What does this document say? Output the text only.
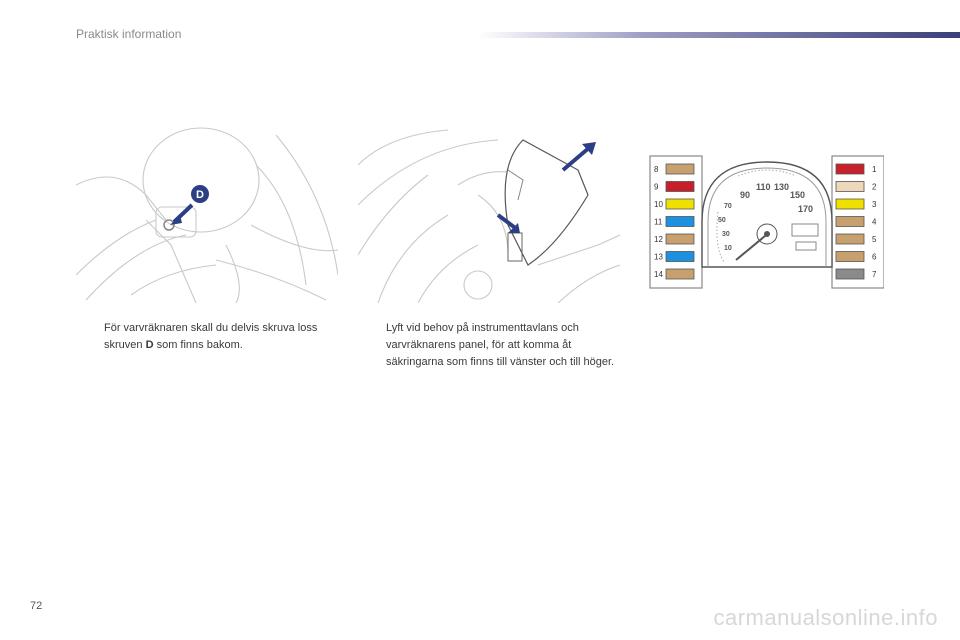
Praktisk information
D
8
9
10
11
12
13
14
1
2
3
4
5
6
7
90
110 130
150
170
70
50
30
10
För varvräknaren skall du delvis skruva loss skruven D som finns bakom.
Lyft vid behov på instrumenttavlans och varvräknarens panel, för att komma åt säkringarna som finns till vänster och till höger.
72	carmanualsonline.info
